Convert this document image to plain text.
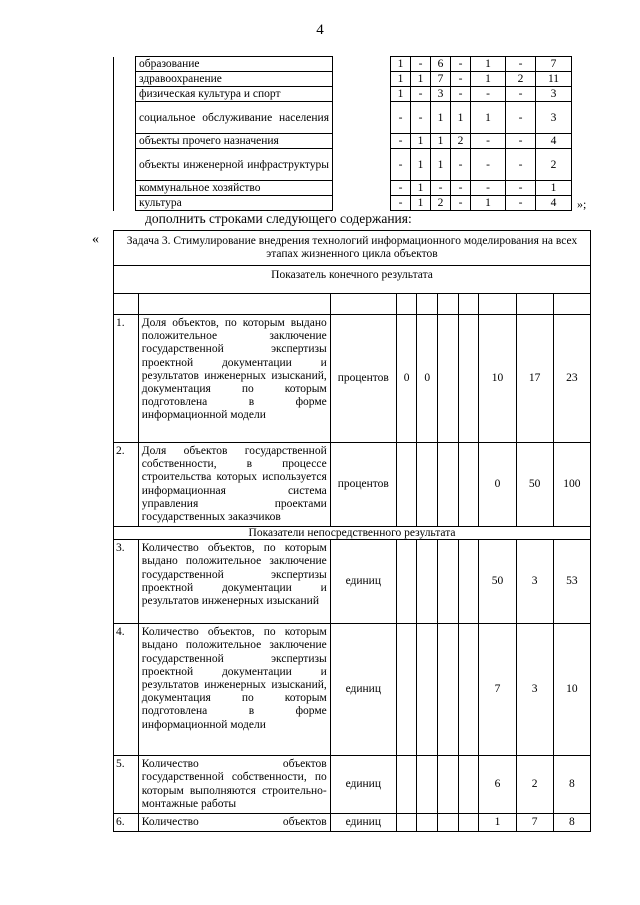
4
	образование		1	-	6	-	1	-	7
	здравоохранение		1	1	7	-	1	2	11
	физическая культура и спорт		1	-	3	-	-	-	3
	социальное обслуживание населения		-	-	1	1	1	-	3
	объекты прочего назначения		-	1	1	2	-	-	4
	объекты инженерной инфраструктуры		-	1	1	-	-	-	2
	коммунальное хозяйство		-	1	-	-	-	-	1
	культура		-	1	2	-	1	-	4 »;
дополнить строками следующего содержания:
« Задача 3. Стимулирование внедрения технологий информационного моделирования на всех этапах жизненного цикла объектов									
Показатель конечного результата									

1.	Доля объектов, по которым выдано положительное заключение государственной экспертизы проектной документации и результатов инженерных изысканий, документация по которым подготовлена в форме информационной модели	процентов	0	0			10	17	23
2.	Доля объектов государственной собственности, в процессе строительства которых используется информационная система управления проектами государственных заказчиков	процентов					0	50	100
Показатели непосредственного результата									
3.	Количество объектов, по которым выдано положительное заключение государственной экспертизы проектной документации и результатов инженерных изысканий	единиц					50	3	53
4.	Количество объектов, по которым выдано положительное заключение государственной экспертизы проектной документации и результатов инженерных изысканий, документация по которым подготовлена в форме информационной модели	единиц					7	3	10
5.	Количество объектов государственной собственности, по которым выполняются строительно-монтажные работы	единиц					6	2	8
6.	Количество объектов	единиц					1	7	8
